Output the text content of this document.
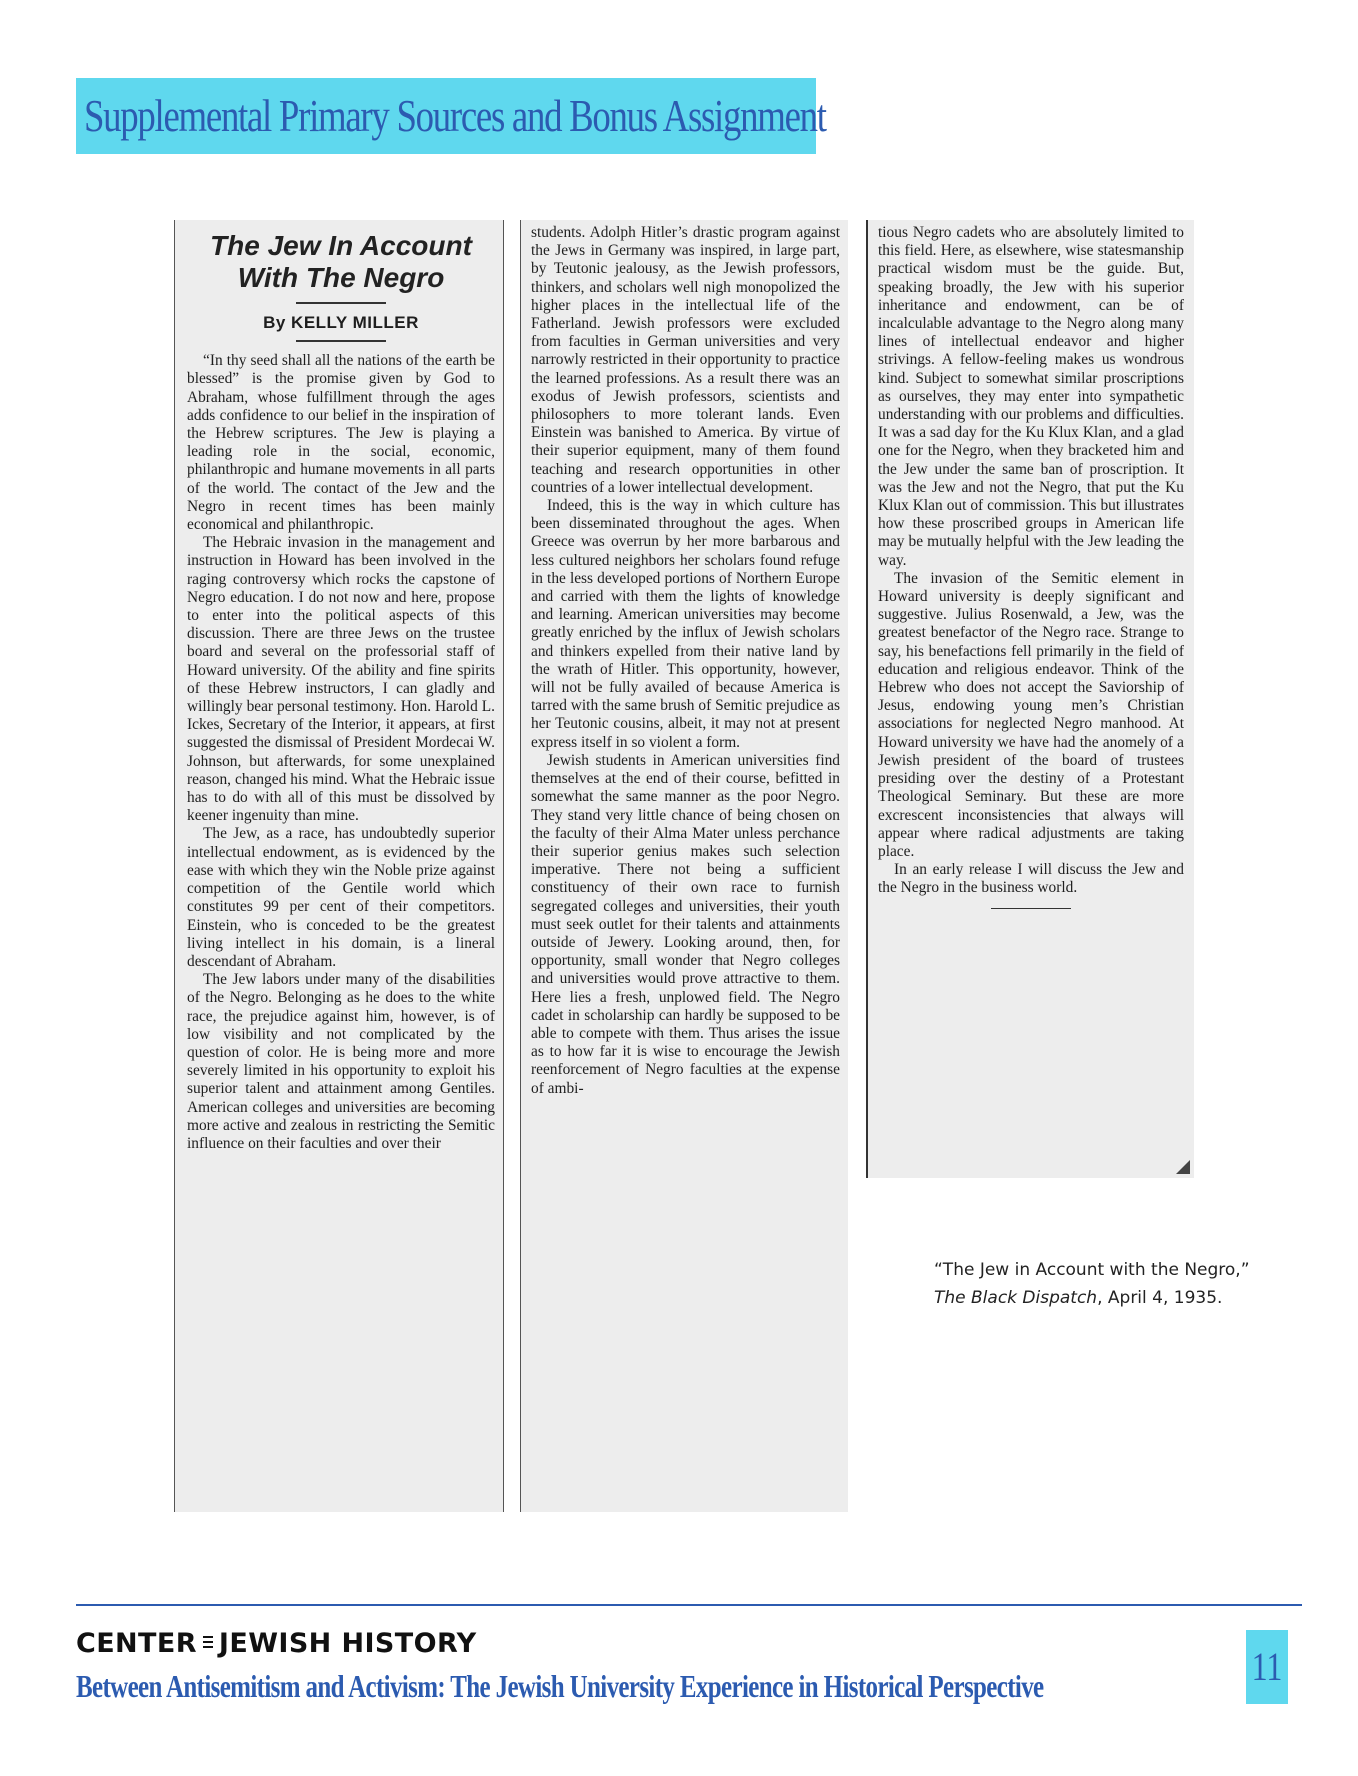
Supplemental Primary Sources and Bonus Assignment

The Jew In Account

With The Negro

By KELLY MILLER

“In thy seed shall all the nations of the earth be blessed” is the promise given by God to Abraham, whose fulfillment through the ages adds confidence to our belief in the inspiration of the Hebrew scriptures. The Jew is playing a leading role in the social, economic, philanthropic and humane movements in all parts of the world. The contact of the Jew and the Negro in recent times has been mainly economical and philanthropic.

The Hebraic invasion in the management and instruction in Howard has been involved in the raging controversy which rocks the capstone of Negro education. I do not now and here, propose to enter into the political aspects of this discussion. There are three Jews on the trustee board and several on the professorial staff of Howard university. Of the ability and fine spirits of these Hebrew instructors, I can gladly and willingly bear personal testimony. Hon. Harold L. Ickes, Secretary of the Interior, it appears, at first suggested the dismissal of President Mordecai W. Johnson, but afterwards, for some unexplained reason, changed his mind. What the Hebraic issue has to do with all of this must be dissolved by keener ingenuity than mine.

The Jew, as a race, has undoubtedly superior intellectual endowment, as is evidenced by the ease with which they win the Noble prize against competition of the Gentile world which constitutes 99 per cent of their competitors. Einstein, who is conceded to be the greatest living intellect in his domain, is a lineral descendant of Abraham.

The Jew labors under many of the disabilities of the Negro. Belonging as he does to the white race, the prejudice against him, however, is of low visibility and not complicated by the question of color. He is being more and more severely limited in his opportunity to exploit his superior talent and attainment among Gentiles. American colleges and universities are becoming more active and zealous in restricting the Semitic influence on their faculties and over their

students. Adolph Hitler’s drastic program against the Jews in Germany was inspired, in large part, by Teutonic jealousy, as the Jewish professors, thinkers, and scholars well nigh monopolized the higher places in the intellectual life of the Fatherland. Jewish professors were excluded from faculties in German universities and very narrowly restricted in their opportunity to practice the learned professions. As a result there was an exodus of Jewish professors, scientists and philosophers to more tolerant lands. Even Einstein was banished to America. By virtue of their superior equipment, many of them found teaching and research opportunities in other countries of a lower intellectual development.

Indeed, this is the way in which culture has been disseminated throughout the ages. When Greece was overrun by her more barbarous and less cultured neighbors her scholars found refuge in the less developed portions of Northern Europe and carried with them the lights of knowledge and learning. American universities may become greatly enriched by the influx of Jewish scholars and thinkers expelled from their native land by the wrath of Hitler. This opportunity, however, will not be fully availed of because America is tarred with the same brush of Semitic prejudice as her Teutonic cousins, albeit, it may not at present express itself in so violent a form.

Jewish students in American universities find themselves at the end of their course, befitted in somewhat the same manner as the poor Negro. They stand very little chance of being chosen on the faculty of their Alma Mater unless perchance their superior genius makes such selection imperative. There not being a sufficient constituency of their own race to furnish segregated colleges and universities, their youth must seek outlet for their talents and attainments outside of Jewery. Looking around, then, for opportunity, small wonder that Negro colleges and universities would prove attractive to them. Here lies a fresh, unplowed field. The Negro cadet in scholarship can hardly be supposed to be able to compete with them. Thus arises the issue as to how far it is wise to encourage the Jewish reenforcement of Negro faculties at the expense of ambi-

tious Negro cadets who are absolutely limited to this field. Here, as elsewhere, wise statesmanship practical wisdom must be the guide. But, speaking broadly, the Jew with his superior inheritance and endowment, can be of incalculable advantage to the Negro along many lines of intellectual endeavor and higher strivings. A fellow-feeling makes us wondrous kind. Subject to somewhat similar proscriptions as ourselves, they may enter into sympathetic understanding with our problems and difficulties. It was a sad day for the Ku Klux Klan, and a glad one for the Negro, when they bracketed him and the Jew under the same ban of proscription. It was the Jew and not the Negro, that put the Ku Klux Klan out of commission. This but illustrates how these proscribed groups in American life may be mutually helpful with the Jew leading the way.

The invasion of the Semitic element in Howard university is deeply significant and suggestive. Julius Rosenwald, a Jew, was the greatest benefactor of the Negro race. Strange to say, his benefactions fell primarily in the field of education and religious endeavor. Think of the Hebrew who does not accept the Saviorship of Jesus, endowing young men’s Christian associations for neglected Negro manhood. At Howard university we have had the anomely of a Jewish president of the board of trustees presiding over the destiny of a Protestant Theological Seminary. But these are more excrescent inconsistencies that always will appear where radical adjustments are taking place.

In an early release I will discuss the Jew and the Negro in the business world.

“The Jew in Account with the Negro,”
The Black Dispatch, April 4, 1935.
CENTER JEWISH HISTORY
Between Antisemitism and Activism: The Jewish University Experience in Historical Perspective	11
